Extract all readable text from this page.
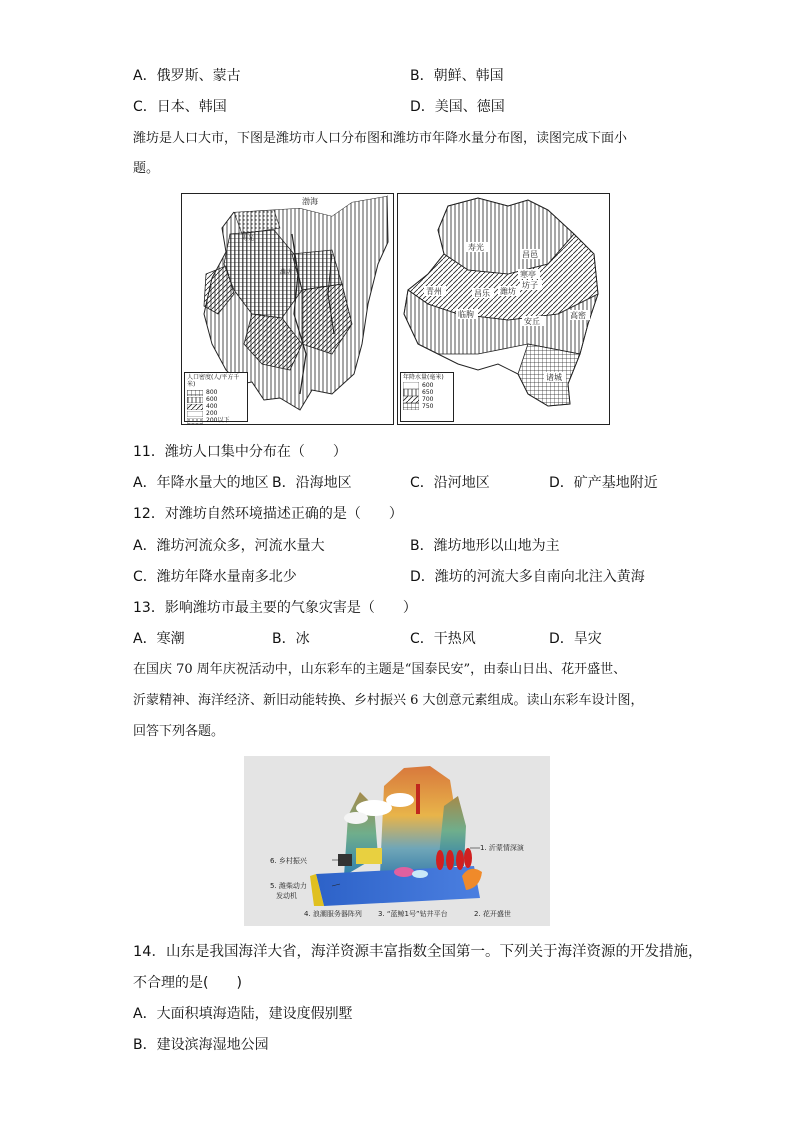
A．俄罗斯、蒙古	B．朝鲜、韩国
C．日本、韩国	D．美国、德国
潍坊是人口大市，下图是潍坊市人口分布图和潍坊市年降水量分布图，读图完成下面小
题。
渤海
潍坊
寿光
人口密度(人/平方千米)
800
600
400
200
200以下
寿光
昌邑
潍坊
寒亭
坊子
青州	昌乐
临朐
安丘
高密
诸城
年降水量(毫米)
600
650
700
750
11．潍坊人口集中分布在（　　）
A．年降水量大的地区 B．沿海地区	C．沿河地区	D．矿产基地附近
12．对潍坊自然环境描述正确的是（　　）
A．潍坊河流众多，河流水量大	B．潍坊地形以山地为主
C．潍坊年降水量南多北少	D．潍坊的河流大多自南向北注入黄海
13．影响潍坊市最主要的气象灾害是（　　）
A．寒潮	B．冰	C．干热风	D．旱灾
在国庆 70 周年庆祝活动中，山东彩车的主题是“国泰民安”，由泰山日出、花开盛世、
沂蒙精神、海洋经济、新旧动能转换、乡村振兴 6 大创意元素组成。读山东彩车设计图，
回答下列各题。
1. 沂蒙情深演
6. 乡村振兴
5. 潍柴动力
发动机
4. 浪潮服务器阵列 3. “蓝鲸1号”钻井平台	2. 花开盛世
14．山东是我国海洋大省，海洋资源丰富指数全国第一。下列关于海洋资源的开发措施，
不合理的是(　　)
A．大面积填海造陆，建设度假别墅
B．建设滨海湿地公园
